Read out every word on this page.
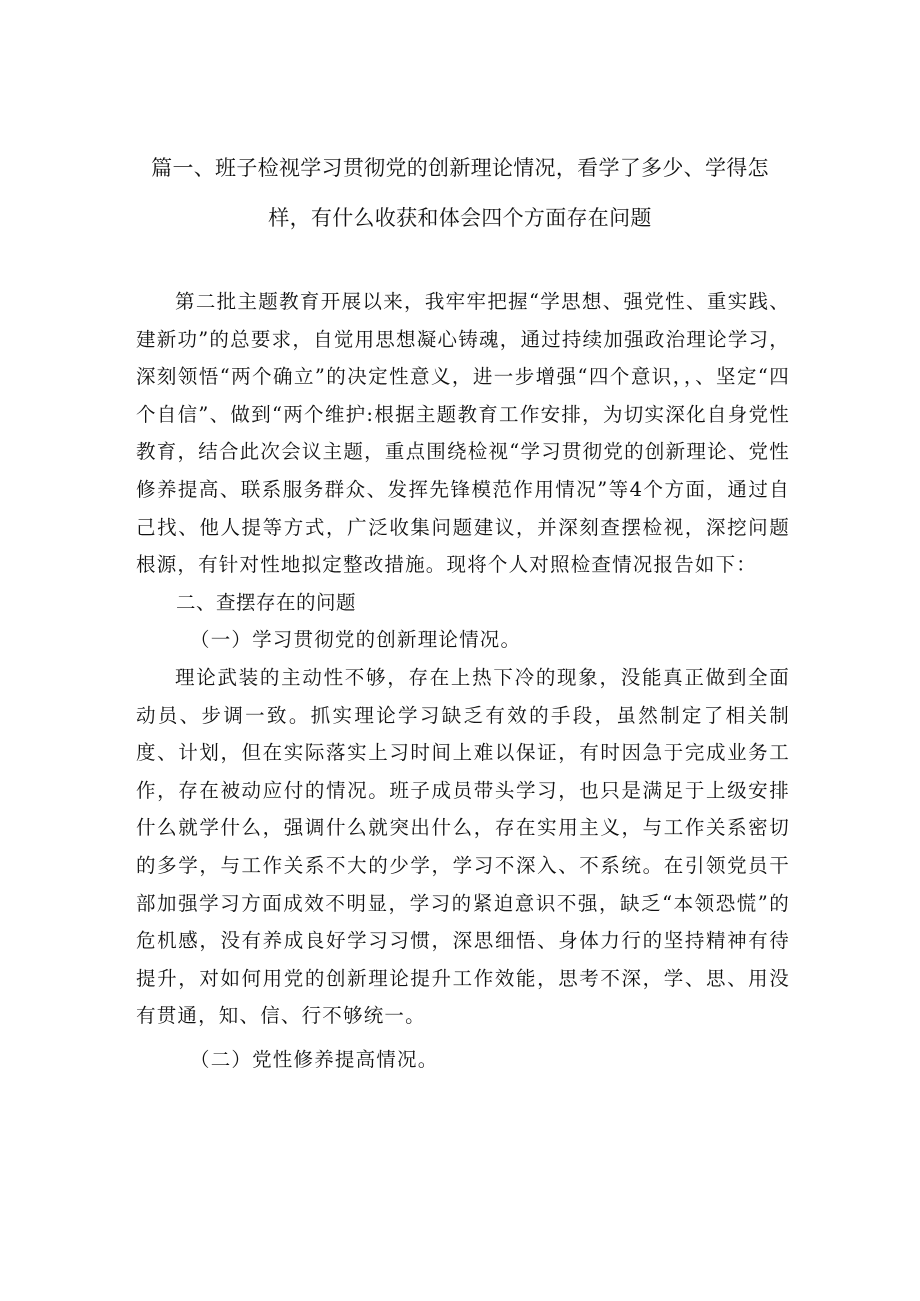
篇一、班子检视学习贯彻党的创新理论情况，看学了多少、学得怎样，有什么收获和体会四个方面存在问题

第二批主题教育开展以来，我牢牢把握“学思想、强党性、重实践、建新功”的总要求，自觉用思想凝心铸魂，通过持续加强政治理论学习，深刻领悟“两个确立”的决定性意义，进一步增强“四个意识，，、坚定“四个自信”、做到“两个维护:根据主题教育工作安排，为切实深化自身党性教育，结合此次会议主题，重点围绕检视“学习贯彻党的创新理论、党性修养提高、联系服务群众、发挥先锋模范作用情况”等4个方面，通过自己找、他人提等方式，广泛收集问题建议，并深刻查摆检视，深挖问题根源，有针对性地拟定整改措施。现将个人对照检查情况报告如下：

二、查摆存在的问题

（一）学习贯彻党的创新理论情况。

理论武装的主动性不够，存在上热下冷的现象，没能真正做到全面动员、步调一致。抓实理论学习缺乏有效的手段，虽然制定了相关制度、计划，但在实际落实上习时间上难以保证，有时因急于完成业务工作，存在被动应付的情况。班子成员带头学习，也只是满足于上级安排什么就学什么，强调什么就突出什么，存在实用主义，与工作关系密切的多学，与工作关系不大的少学，学习不深入、不系统。在引领党员干部加强学习方面成效不明显，学习的紧迫意识不强，缺乏“本领恐慌”的危机感，没有养成良好学习习惯，深思细悟、身体力行的坚持精神有待提升，对如何用党的创新理论提升工作效能，思考不深，学、思、用没有贯通，知、信、行不够统一。

（二）党性修养提高情况。
